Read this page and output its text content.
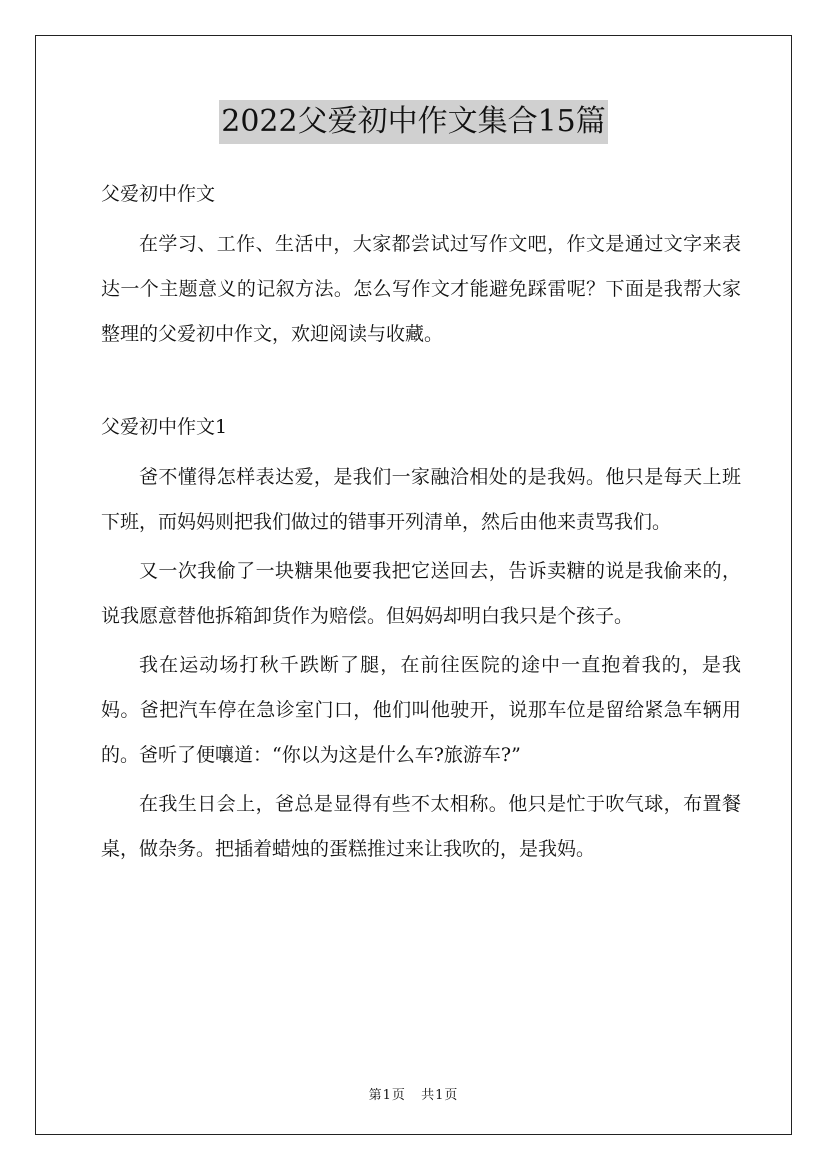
2022父爱初中作文集合15篇

父爱初中作文

在学习、工作、生活中，大家都尝试过写作文吧，作文是通过文字来表达一个主题意义的记叙方法。怎么写作文才能避免踩雷呢？下面是我帮大家整理的父爱初中作文，欢迎阅读与收藏。

父爱初中作文1

爸不懂得怎样表达爱，是我们一家融洽相处的是我妈。他只是每天上班下班，而妈妈则把我们做过的错事开列清单，然后由他来责骂我们。

又一次我偷了一块糖果他要我把它送回去，告诉卖糖的说是我偷来的，说我愿意替他拆箱卸货作为赔偿。但妈妈却明白我只是个孩子。

我在运动场打秋千跌断了腿，在前往医院的途中一直抱着我的，是我妈。爸把汽车停在急诊室门口，他们叫他驶开，说那车位是留给紧急车辆用的。爸听了便嚷道：“你以为这是什么车?旅游车?”

在我生日会上，爸总是显得有些不太相称。他只是忙于吹气球，布置餐桌，做杂务。把插着蜡烛的蛋糕推过来让我吹的，是我妈。

第1页 共1页
